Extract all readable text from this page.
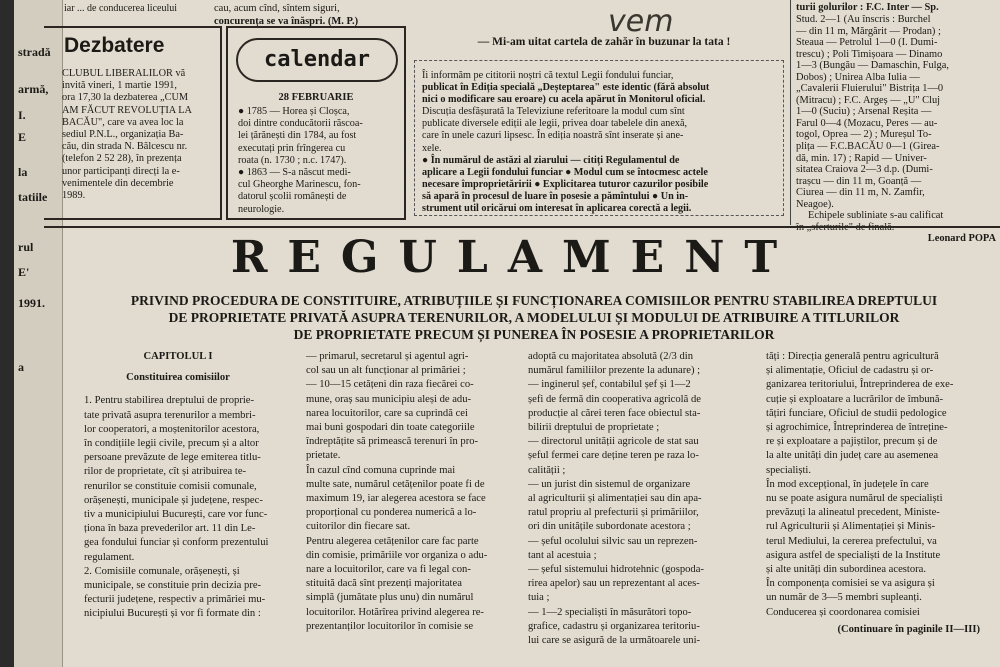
stradă
armă,
I.
E
la
tatiile
rul
E'
a
1991.
iar ... de conducerea liceului	cau, acum cînd, sîntem siguri,

concurența se va înăspri. (M. P.)	vem
Dezbatere

CLUBUL LIBERALILOR vă

invită vineri, 1 martie 1991,

ora 17,30 la dezbaterea „CUM

AM FĂCUT REVOLUȚIA LA

BACĂU", care va avea loc la

sediul P.N.L., organizația Ba-

cău, din strada N. Bălcescu nr.

(telefon 2 52 28), în prezența

unor participanți direcți la e-

venimentele din decembrie

1989.

calendar
28 FEBRUARIE

● 1785 — Horea și Cloșca,

doi dintre conducătorii răscoa-

lei țărănești din 1784, au fost

executați prin frîngerea cu

roata (n. 1730 ; n.c. 1747).

● 1863 — S-a născut medi-

cul Gheorghe Marinescu, fon-

datorul școlii românești de

neurologie.

— Mi-am uitat cartela de zahăr în buzunar la tata !

Îi informăm pe cititorii noștri că textul Legii fondului funciar,

publicat în Ediția specială „Deșteptarea" este identic (fără absolut

nici o modificare sau eroare) cu acela apărut în Monitorul oficial.

Discuția desfășurată la Televiziune referitoare la modul cum sînt

publicate diversele ediții ale legii, privea doar tabelele din anexă,

care în unele cazuri lipsesc. În ediția noastră sînt inserate și ane-

xele.

● În numărul de astăzi al ziarului — citiți Regulamentul de

aplicare a Legii fondului funciar ● Modul cum se întocmesc actele

necesare împroprietăririi ● Explicitarea tuturor cazurilor posibile

să apară în procesul de luare în posesie a pămîntului ● Un in-

strument util oricărui om interesat în aplicarea corectă a legii.

turii golurilor : F.C. Inter — Sp.

Stud. 2—1 (Au înscris : Burchel

— din 11 m, Mărgărit — Prodan) ;

Steaua — Petrolul 1—0 (I. Dumi-

trescu) ; Poli Timișoara — Dinamo

1—3 (Bungău — Damaschin, Fulga,

Dobos) ; Unirea Alba Iulia —

„Cavalerii Fluierului" Bistrița 1—0

(Mitracu) ; F.C. Argeș — „U" Cluj

1—0 (Suciu) ; Arsenal Reșita —

Farul 0—4 (Mozacu, Peres — au-

togol, Oprea — 2) ; Mureșul To-

plița — F.C.BACĂU 0—1 (Girea-

dă, min. 17) ; Rapid — Univer-

sitatea Craiova 2—3 d.p. (Dumi-

trașcu — din 11 m, Goanță —

Ciurea — din 11 m, N. Zamfir,

Neagoe).

Echipele subliniate s-au calificat

în „sferturile" de finală.

Leonard POPA

REGULAMENT
PRIVIND PROCEDURA DE CONSTITUIRE, ATRIBUȚIILE ȘI FUNCȚIONAREA COMISIILOR PENTRU STABILIREA DREPTULUI
DE PROPRIETATE PRIVATĂ ASUPRA TERENURILOR, A MODELULUI ȘI MODULUI DE ATRIBUIRE A TITLURILOR
DE PROPRIETATE PRECUM ȘI PUNEREA ÎN POSESIE A PROPRIETARILOR

CAPITOLUL I

Constituirea comisiilor

1. Pentru stabilirea dreptului de proprie-

tate privată asupra terenurilor a membri-

lor cooperatori, a moștenitorilor acestora,

în condițiile legii civile, precum și a altor

persoane prevăzute de lege emiterea titlu-

rilor de proprietate, cît și atribuirea te-

renurilor se constituie comisii comunale,

orășenești, municipale și județene, respec-

tiv a municipiului București, care vor func-

ționa în baza prevederilor art. 11 din Le-

gea fondului funciar și conform prezentului

regulament.

2. Comisiile comunale, orășenești, și

municipale, se constituie prin decizia pre-

fecturii județene, respectiv a primăriei mu-

nicipiului București și vor fi formate din :

— primarul, secretarul și agentul agri-

col sau un alt funcționar al primăriei ;

— 10—15 cetățeni din raza fiecărei co-

mune, oraș sau municipiu aleși de adu-

narea locuitorilor, care sa cuprindă cei

mai buni gospodari din toate categoriile

îndreptățite să primească terenuri în pro-

prietate.

În cazul cînd comuna cuprinde mai

multe sate, numărul cetățenilor poate fi de

maximum 19, iar alegerea acestora se face

proporțional cu ponderea numerică a lo-

cuitorilor din fiecare sat.

Pentru alegerea cetățenilor care fac parte

din comisie, primăriile vor organiza o adu-

nare a locuitorilor, care va fi legal con-

stituită dacă sînt prezenți majoritatea

simplă (jumătate plus unu) din numărul

locuitorilor. Hotărîrea privind alegerea re-

prezentanților locuitorilor în comisie se

adoptă cu majoritatea absolută (2/3 din

numărul familiilor prezente la adunare) ;

— inginerul șef, contabilul șef și 1—2

șefi de fermă din cooperativa agricolă de

producție al cărei teren face obiectul sta-

bilirii dreptului de proprietate ;

— directorul unității agricole de stat sau

șeful fermei care deține teren pe raza lo-

calității ;

— un jurist din sistemul de organizare

al agriculturii și alimentației sau din apa-

ratul propriu al prefecturii și primăriilor,

ori din unitățile subordonate acestora ;

— șeful ocolului silvic sau un reprezen-

tant al acestuia ;

— șeful sistemului hidrotehnic (gospoda-

rirea apelor) sau un reprezentant al aces-

tuia ;

— 1—2 specialiști în măsurători topo-

grafice, cadastru și organizarea teritoriu-

lui care se asigură de la următoarele uni-

tăți : Direcția generală pentru agricultură

și alimentație, Oficiul de cadastru și or-

ganizarea teritoriului, Întreprinderea de exe-

cuție și exploatare a lucrărilor de îmbună-

tățiri funciare, Oficiul de studii pedologice

și agrochimice, Întreprinderea de întreține-

re și exploatare a pajiștilor, precum și de

la alte unități din județ care au asemenea

specialiști.

În mod excepțional, în județele în care

nu se poate asigura numărul de specialiști

prevăzuți la alineatul precedent, Ministe-

rul Agriculturii și Alimentației și Minis-

terul Mediului, la cererea prefectului, va

asigura astfel de specialiști de la Institute

și alte unități din subordinea acestora.

În componența comisiei se va asigura și

un număr de 3—5 membri supleanți.

Conducerea și coordonarea comisiei

(Continuare în paginile II—III)
